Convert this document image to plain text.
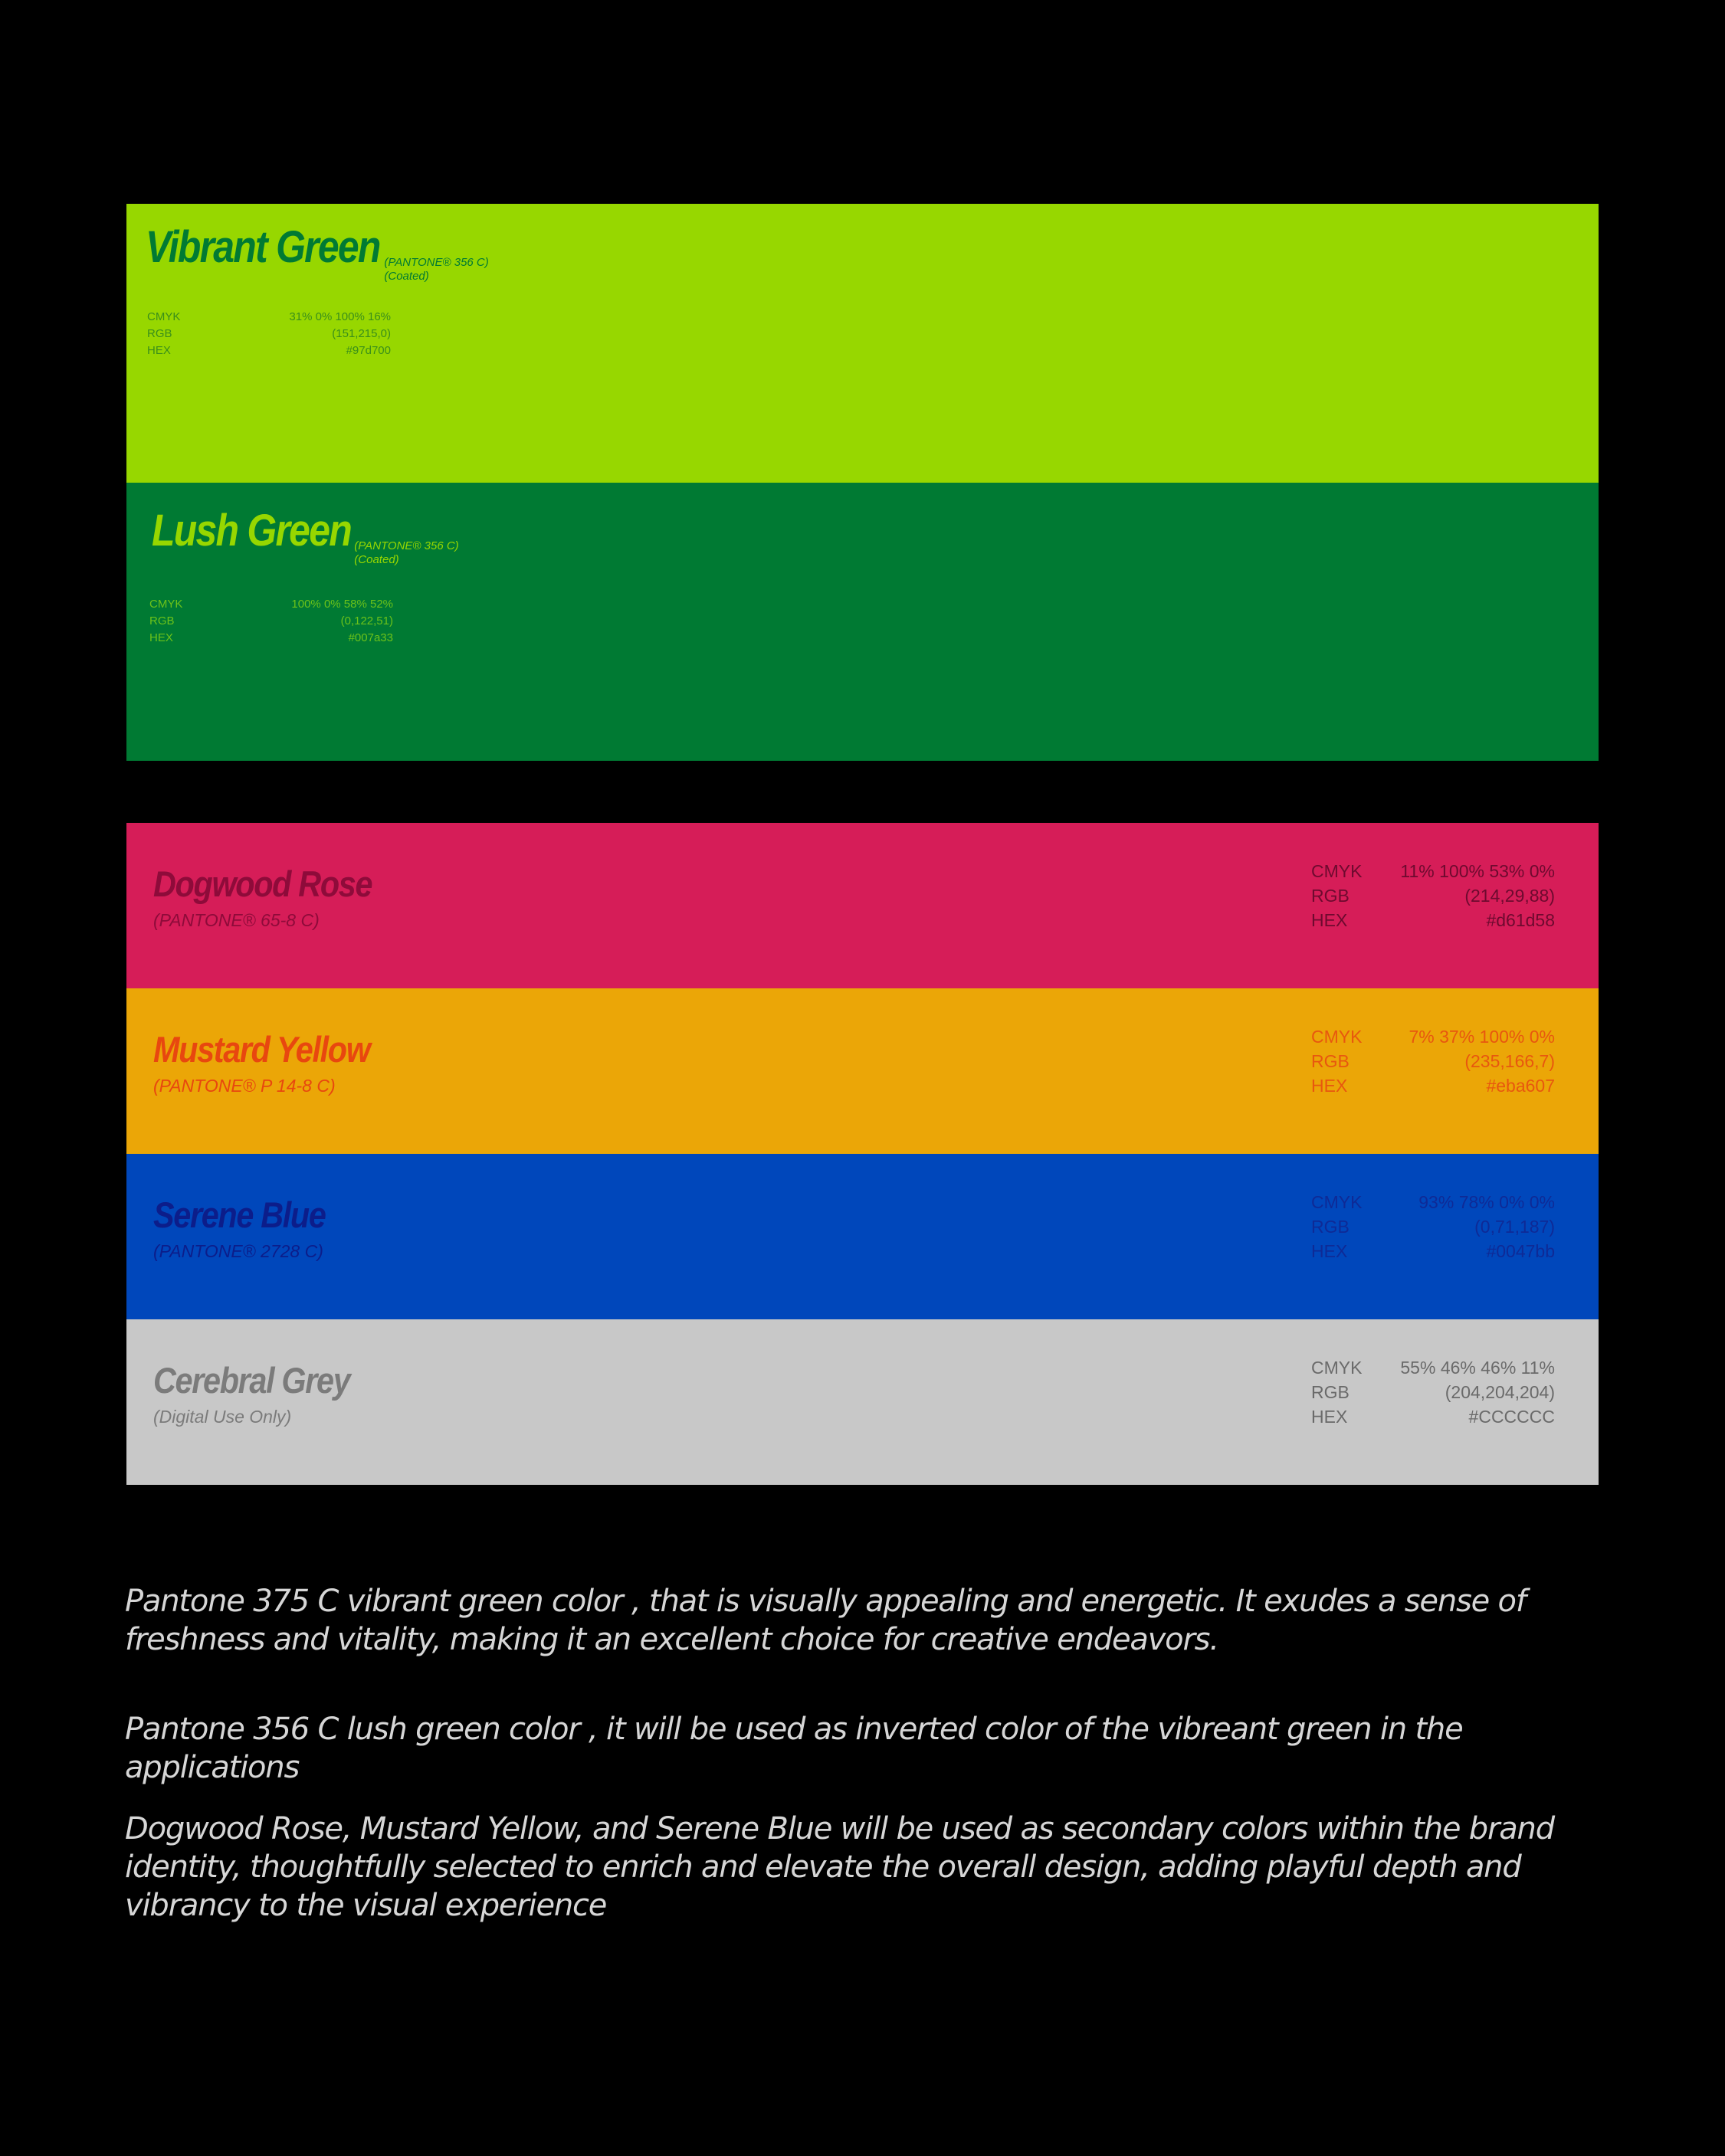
Vibrant Green (PANTONE® 356 C)
(Coated)
CMYK	31% 0% 100% 16%
RGB	(151,215,0)
HEX	#97d700
Lush Green (PANTONE® 356 C)
(Coated)
CMYK	100% 0% 58% 52%
RGB	(0,122,51)
HEX	#007a33
Dogwood Rose
(PANTONE® 65-8 C)
CMYK 11% 100% 53% 0%
RGB	(214,29,88)
HEX	#d61d58
Mustard Yellow
(PANTONE® P 14-8 C)
CMYK	7% 37% 100% 0%
RGB	(235,166,7)
HEX	#eba607
Serene Blue
(PANTONE® 2728 C)
CMYK	93% 78% 0% 0%
RGB	(0,71,187)
HEX	#0047bb
Cerebral Grey
(Digital Use Only)
CMYK 55% 46% 46% 11%
RGB	(204,204,204)
HEX	#CCCCCC

Pantone 375 C vibrant green color , that is visually appealing and energetic. It exudes a sense of freshness and vitality, making it an excellent choice for creative endeavors.

Pantone 356 C lush green color , it will be used as inverted color of the vibreant green in the applications

Dogwood Rose, Mustard Yellow, and Serene Blue will be used as secondary colors within the brand identity, thoughtfully selected to enrich and elevate the overall design, adding playful depth and vibrancy to the visual experience
